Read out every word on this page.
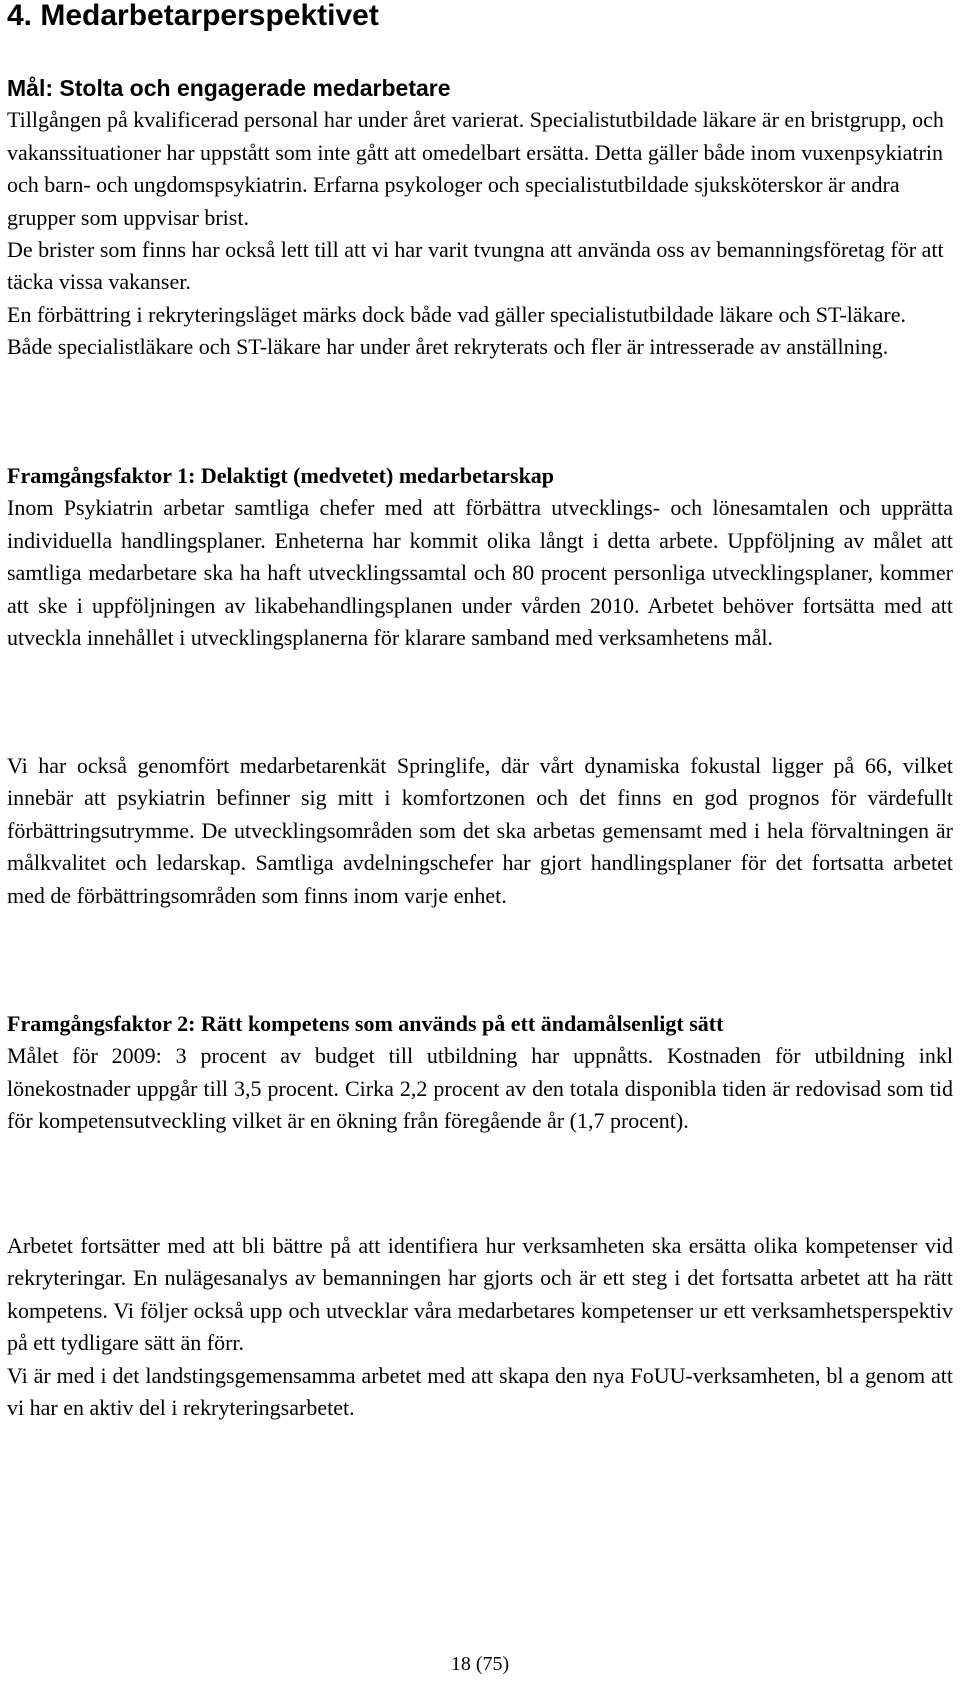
4. Medarbetarperspektivet
Mål: Stolta och engagerade medarbetare

Tillgången på kvalificerad personal har under året varierat. Specialistutbildade läkare är en bristgrupp, och vakanssituationer har uppstått som inte gått att omedelbart ersätta. Detta gäller både inom vuxenpsykiatrin och barn- och ungdomspsykiatrin. Erfarna psykologer och specialistutbildade sjuksköterskor är andra grupper som uppvisar brist.

De brister som finns har också lett till att vi har varit tvungna att använda oss av bemanningsföretag för att täcka vissa vakanser.

En förbättring i rekryteringsläget märks dock både vad gäller specialistutbildade läkare och ST-läkare. Både specialistläkare och ST-läkare har under året rekryterats och fler är intresserade av anställning.

Framgångsfaktor 1: Delaktigt (medvetet) medarbetarskap

Inom Psykiatrin arbetar samtliga chefer med att förbättra utvecklings- och lönesamtalen och upprätta individuella handlingsplaner. Enheterna har kommit olika långt i detta arbete. Uppföljning av målet att samtliga medarbetare ska ha haft utvecklingssamtal och 80 procent personliga utvecklingsplaner, kommer att ske i uppföljningen av likabehandlingsplanen under vården 2010. Arbetet behöver fortsätta med att utveckla innehållet i utvecklingsplanerna för klarare samband med verksamhetens mål.

Vi har också genomfört medarbetarenkät Springlife, där vårt dynamiska fokustal ligger på 66, vilket innebär att psykiatrin befinner sig mitt i komfortzonen och det finns en god prognos för värdefullt förbättringsutrymme. De utvecklingsområden som det ska arbetas gemensamt med i hela förvaltningen är målkvalitet och ledarskap. Samtliga avdelningschefer har gjort handlingsplaner för det fortsatta arbetet med de förbättringsområden som finns inom varje enhet.

Framgångsfaktor 2: Rätt kompetens som används på ett ändamålsenligt sätt

Målet för 2009: 3 procent av budget till utbildning har uppnåtts. Kostnaden för utbildning inkl lönekostnader uppgår till 3,5 procent. Cirka 2,2 procent av den totala disponibla tiden är redovisad som tid för kompetensutveckling vilket är en ökning från föregående år (1,7 procent).

Arbetet fortsätter med att bli bättre på att identifiera hur verksamheten ska ersätta olika kompetenser vid rekryteringar. En nulägesanalys av bemanningen har gjorts och är ett steg i det fortsatta arbetet att ha rätt kompetens. Vi följer också upp och utvecklar våra medarbetares kompetenser ur ett verksamhetsperspektiv på ett tydligare sätt än förr.

Vi är med i det landstingsgemensamma arbetet med att skapa den nya FoUU-verksamheten, bl a genom att vi har en aktiv del i rekryteringsarbetet.

18 (75)
